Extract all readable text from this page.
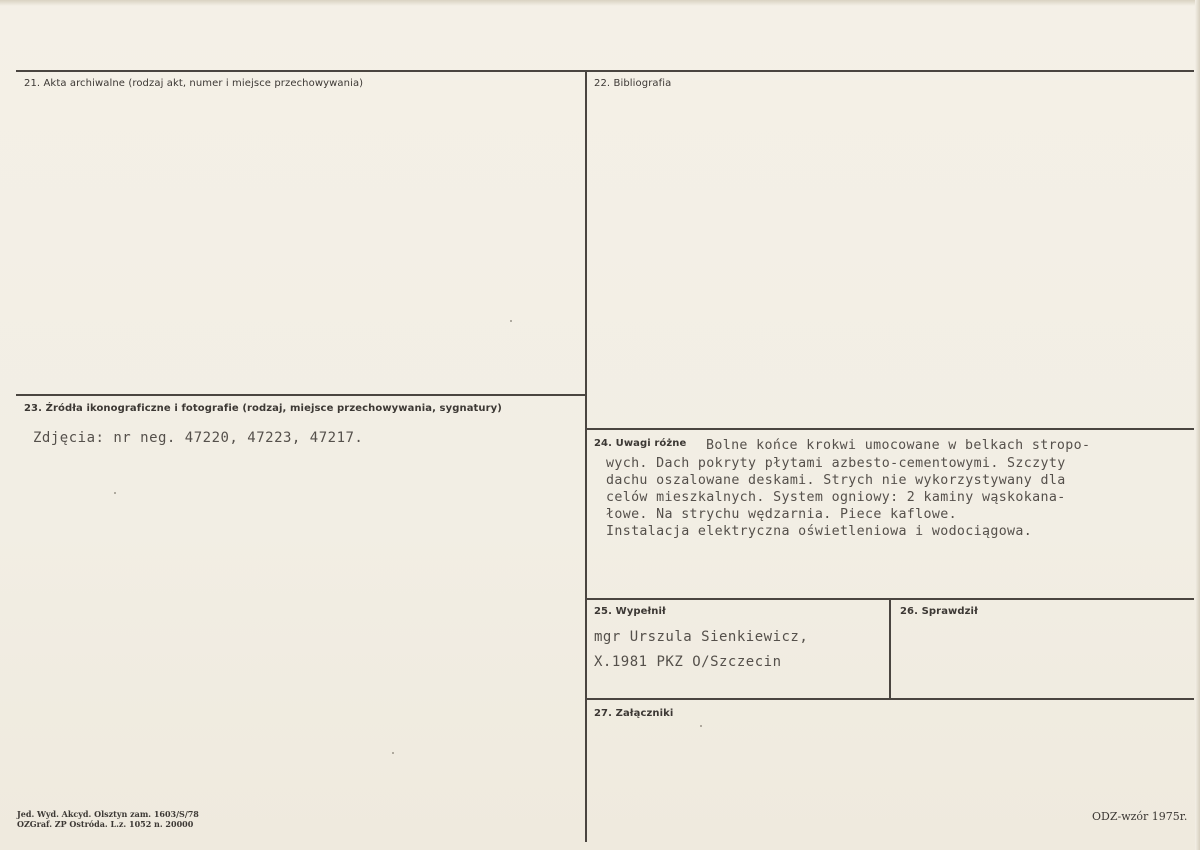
21. Akta archiwalne (rodzaj akt, numer i miejsce przechowywania)	22. Bibliografia
23. Źródła ikonograficzne i fotografie (rodzaj, miejsce przechowywania, sygnatury)
Zdjęcia: nr neg. 47220, 47223, 47217.	24. Uwagi różne Bolne końce krokwi umocowane w belkach stropo-
wych. Dach pokryty płytami azbesto-cementowymi. Szczyty
dachu oszalowane deskami. Strych nie wykorzystywany dla
celów mieszkalnych. System ogniowy: 2 kaminy wąskokana-
łowe. Na strychu wędzarnia. Piece kaflowe.
Instalacja elektryczna oświetleniowa i wodociągowa.
25. Wypełnił
mgr Urszula Sienkiewicz,
X.1981 PKZ O/Szczecin
26. Sprawdził
27. Załączniki
Jed. Wyd. Akcyd. Olsztyn zam. 1603/S/78
OZGraf. ZP Ostróda. L.z. 1052 n. 20000
ODZ-wzór 1975r.
